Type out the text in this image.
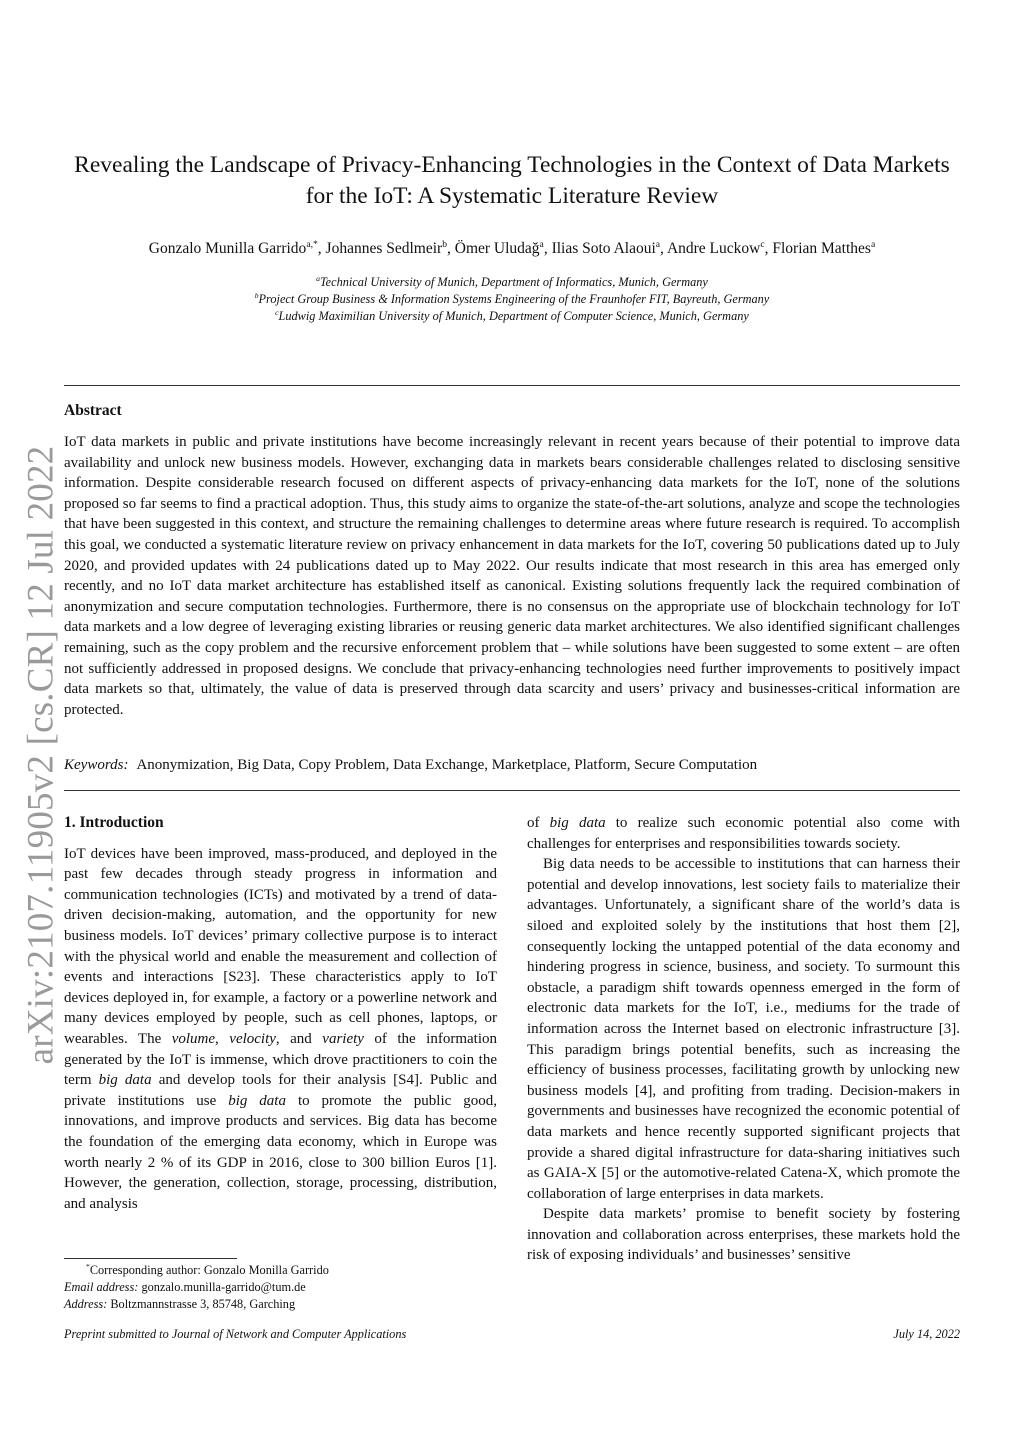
Revealing the Landscape of Privacy-Enhancing Technologies in the Context of Data Markets for the IoT: A Systematic Literature Review
Gonzalo Munilla Garrido$^{a,*}$, Johannes Sedlmeir$^b$, Ömer Uludağ$^a$, Ilias Soto Alaoui$^a$, Andre Luckow$^c$, Florian Matthes$^a$
$^a$Technical University of Munich, Department of Informatics, Munich, Germany
$^b$Project Group Business & Information Systems Engineering of the Fraunhofer FIT, Bayreuth, Germany
$^c$Ludwig Maximilian University of Munich, Department of Computer Science, Munich, Germany
Abstract

IoT data markets in public and private institutions have become increasingly relevant in recent years because of their potential to improve data availability and unlock new business models. However, exchanging data in markets bears considerable challenges related to disclosing sensitive information. Despite considerable research focused on different aspects of privacy-enhancing data markets for the IoT, none of the solutions proposed so far seems to find a practical adoption. Thus, this study aims to organize the state-of-the-art solutions, analyze and scope the technologies that have been suggested in this context, and structure the remaining challenges to determine areas where future research is required. To accomplish this goal, we conducted a systematic literature review on privacy enhancement in data markets for the IoT, covering 50 publications dated up to July 2020, and provided updates with 24 publications dated up to May 2022. Our results indicate that most research in this area has emerged only recently, and no IoT data market architecture has established itself as canonical. Existing solutions frequently lack the required combination of anonymization and secure computation technologies. Furthermore, there is no consensus on the appropriate use of blockchain technology for IoT data markets and a low degree of leveraging existing libraries or reusing generic data market architectures. We also identified significant challenges remaining, such as the copy problem and the recursive enforcement problem that – while solutions have been suggested to some extent – are often not sufficiently addressed in proposed designs. We conclude that privacy-enhancing technologies need further improvements to positively impact data markets so that, ultimately, the value of data is preserved through data scarcity and users’ privacy and businesses-critical information are protected.

Keywords: Anonymization, Big Data, Copy Problem, Data Exchange, Marketplace, Platform, Secure Computation
1. Introduction

IoT devices have been improved, mass-produced, and deployed in the past few decades through steady progress in information and communication technologies (ICTs) and motivated by a trend of data-driven decision-making, automation, and the opportunity for new business models. IoT devices’ primary collective purpose is to interact with the physical world and enable the measurement and collection of events and interactions [S23]. These characteristics apply to IoT devices deployed in, for example, a factory or a powerline network and many devices employed by people, such as cell phones, laptops, or wearables. The volume, velocity, and variety of the information generated by the IoT is immense, which drove practitioners to coin the term big data and develop tools for their analysis [S4]. Public and private institutions use big data to promote the public good, innovations, and improve products and services. Big data has become the foundation of the emerging data economy, which in Europe was worth nearly 2 % of its GDP in 2016, close to 300 billion Euros [1]. However, the generation, collection, storage, processing, distribution, and analysis

of big data to realize such economic potential also come with challenges for enterprises and responsibilities towards society.

Big data needs to be accessible to institutions that can harness their potential and develop innovations, lest society fails to materialize their advantages. Unfortunately, a significant share of the world’s data is siloed and exploited solely by the institutions that host them [2], consequently locking the untapped potential of the data economy and hindering progress in science, business, and society. To surmount this obstacle, a paradigm shift towards openness emerged in the form of electronic data markets for the IoT, i.e., mediums for the trade of information across the Internet based on electronic infrastructure [3]. This paradigm brings potential benefits, such as increasing the efficiency of business processes, facilitating growth by unlocking new business models [4], and profiting from trading. Decision-makers in governments and businesses have recognized the economic potential of data markets and hence recently supported significant projects that provide a shared digital infrastructure for data-sharing initiatives such as GAIA-X [5] or the automotive-related Catena-X, which promote the collaboration of large enterprises in data markets.

Despite data markets’ promise to benefit society by fostering innovation and collaboration across enterprises, these markets hold the risk of exposing individuals’ and businesses’ sensitive

*Corresponding author: Gonzalo Monilla Garrido
Email address: gonzalo.munilla-garrido@tum.de
Address: Boltzmannstrasse 3, 85748, Garching
Preprint submitted to Journal of Network and Computer Applications	July 14, 2022
arXiv:2107.11905v2 [cs.CR] 12 Jul 2022
